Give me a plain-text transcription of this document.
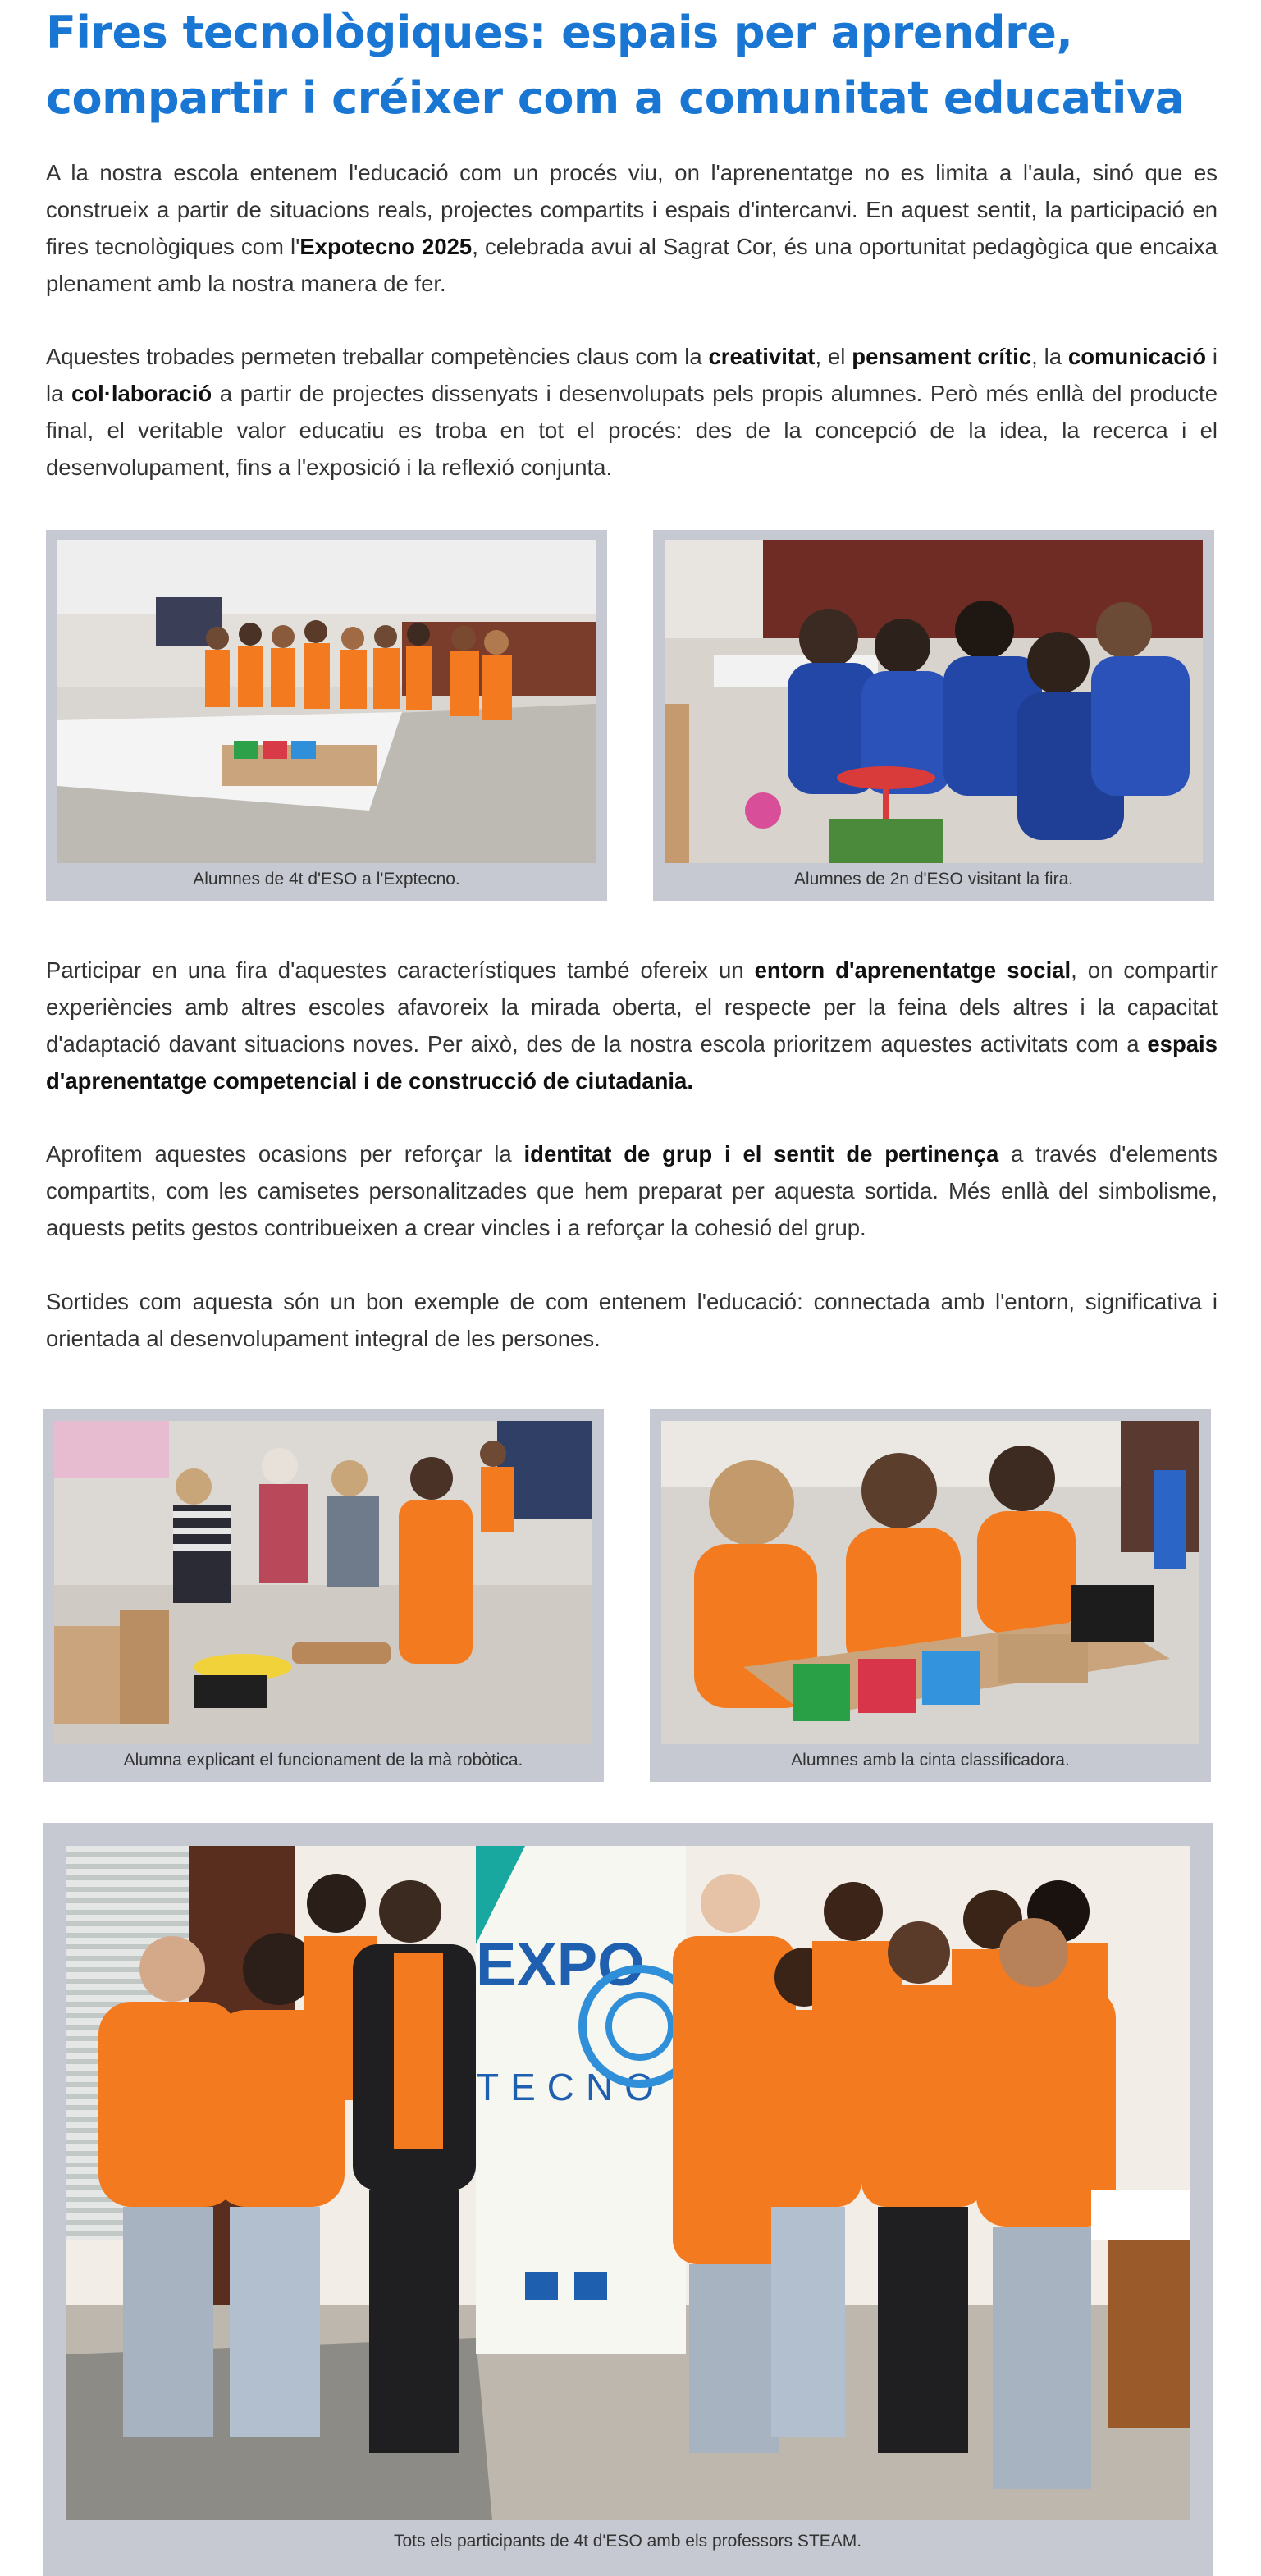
Fires tecnològiques: espais per aprendre,
compartir i créixer com a comunitat educativa

A la nostra escola entenem l'educació com un procés viu, on l'aprenentatge no es limita a l'aula, sinó que es construeix a partir de situacions reals, projectes compartits i espais d'intercanvi. En aquest sentit, la participació en fires tecnològiques com l'Expotecno 2025, celebrada avui al Sagrat Cor, és una oportunitat pedagògica que encaixa plenament amb la nostra manera de fer.

Aquestes trobades permeten treballar competències claus com la creativitat, el pensament crític, la comunicació i la col·laboració a partir de projectes dissenyats i desenvolupats pels propis alumnes. Però més enllà del producte final, el veritable valor educatiu es troba en tot el procés: des de la concepció de la idea, la recerca i el desenvolupament, fins a l'exposició i la reflexió conjunta.

Alumnes de 4t d'ESO a l'Exptecno.	Alumnes de 2n d'ESO visitant la fira.

Participar en una fira d'aquestes característiques també ofereix un entorn d'aprenentatge social, on compartir experiències amb altres escoles afavoreix la mirada oberta, el respecte per la feina dels altres i la capacitat d'adaptació davant situacions noves. Per això, des de la nostra escola prioritzem aquestes activitats com a espais d'aprenentatge competencial i de construcció de ciutadania.

Aprofitem aquestes ocasions per reforçar la identitat de grup i el sentit de pertinença a través d'elements compartits, com les camisetes personalitzades que hem preparat per aquesta sortida. Més enllà del simbolisme, aquests petits gestos contribueixen a crear vincles i a reforçar la cohesió del grup.

Sortides com aquesta són un bon exemple de com entenem l'educació: connectada amb l'entorn, significativa i orientada al desenvolupament integral de les persones.

Alumna explicant el funcionament de la mà robòtica.	Alumnes amb la cinta classificadora.
EXPO
TECNO
Tots els participants de 4t d'ESO amb els professors STEAM.
